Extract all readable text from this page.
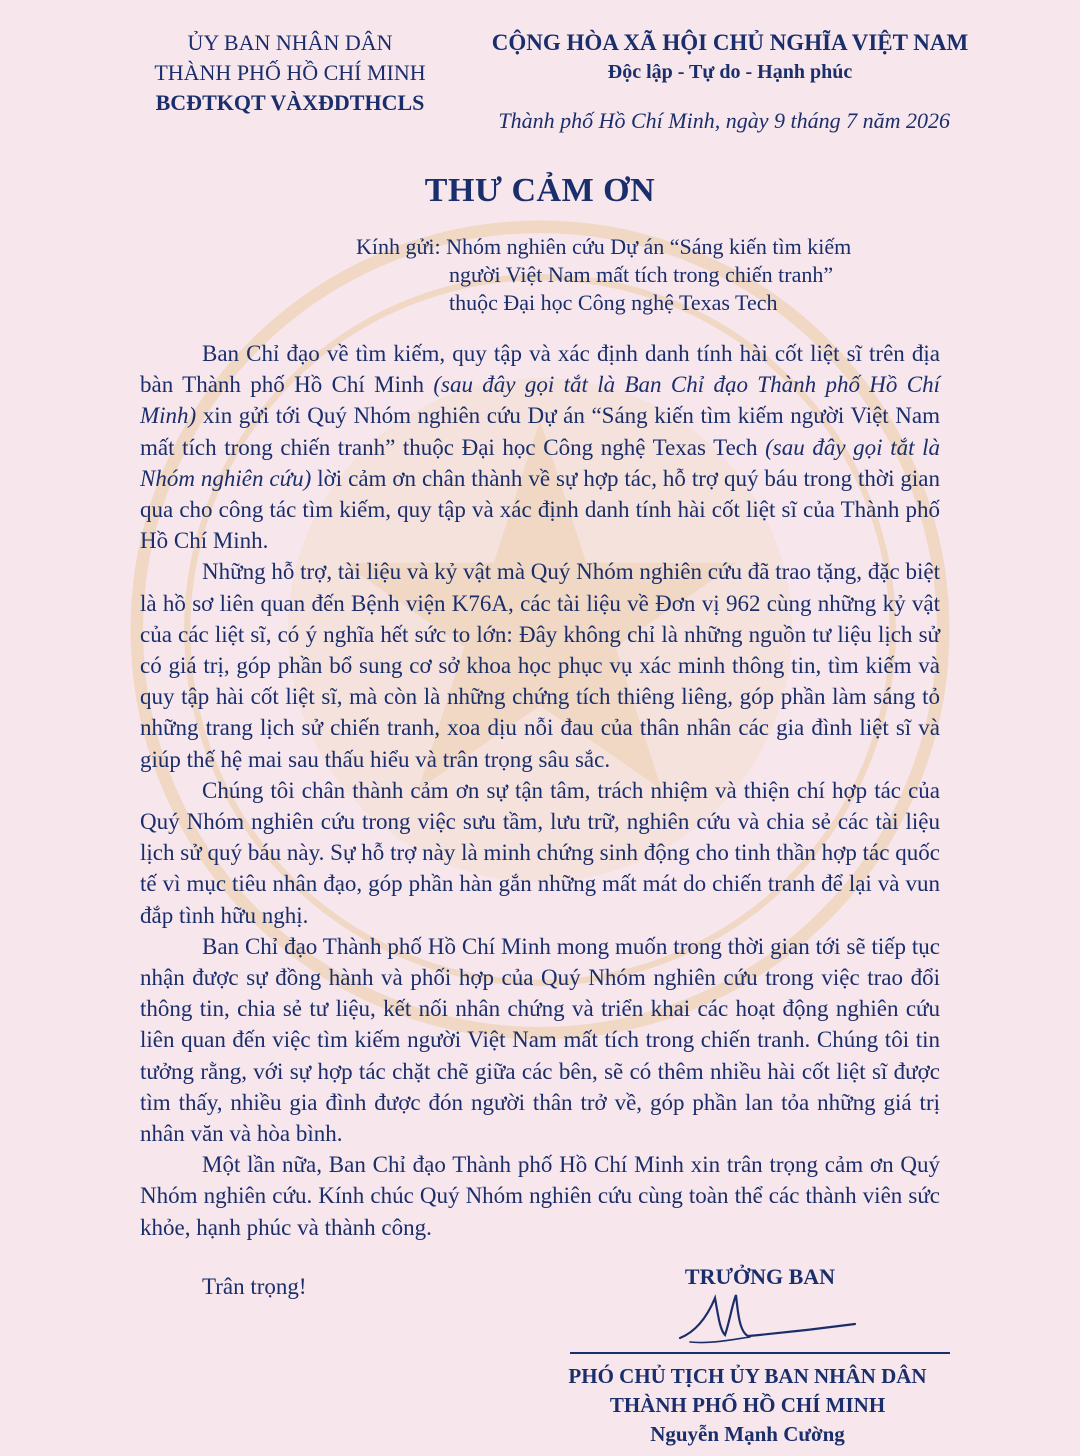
ỦY BAN NHÂN DÂN
THÀNH PHỐ HỒ CHÍ MINH
BCĐTKQT VÀXĐDTHCLS
CỘNG HÒA XÃ HỘI CHỦ NGHĨA VIỆT NAM
Độc lập - Tự do - Hạnh phúc
Thành phố Hồ Chí Minh, ngày 9 tháng 7 năm 2026
THƯ CẢM ƠN
Kính gửi: Nhóm nghiên cứu Dự án “Sáng kiến tìm kiếm
người Việt Nam mất tích trong chiến tranh”
thuộc Đại học Công nghệ Texas Tech

Ban Chỉ đạo về tìm kiếm, quy tập và xác định danh tính hài cốt liệt sĩ trên địa bàn Thành phố Hồ Chí Minh (sau đây gọi tắt là Ban Chỉ đạo Thành phố Hồ Chí Minh) xin gửi tới Quý Nhóm nghiên cứu Dự án “Sáng kiến tìm kiếm người Việt Nam mất tích trong chiến tranh” thuộc Đại học Công nghệ Texas Tech (sau đây gọi tắt là Nhóm nghiên cứu) lời cảm ơn chân thành về sự hợp tác, hỗ trợ quý báu trong thời gian qua cho công tác tìm kiếm, quy tập và xác định danh tính hài cốt liệt sĩ của Thành phố Hồ Chí Minh.

Những hỗ trợ, tài liệu và kỷ vật mà Quý Nhóm nghiên cứu đã trao tặng, đặc biệt là hồ sơ liên quan đến Bệnh viện K76A, các tài liệu về Đơn vị 962 cùng những kỷ vật của các liệt sĩ, có ý nghĩa hết sức to lớn: Đây không chỉ là những nguồn tư liệu lịch sử có giá trị, góp phần bổ sung cơ sở khoa học phục vụ xác minh thông tin, tìm kiếm và quy tập hài cốt liệt sĩ, mà còn là những chứng tích thiêng liêng, góp phần làm sáng tỏ những trang lịch sử chiến tranh, xoa dịu nỗi đau của thân nhân các gia đình liệt sĩ và giúp thế hệ mai sau thấu hiểu và trân trọng sâu sắc.

Chúng tôi chân thành cảm ơn sự tận tâm, trách nhiệm và thiện chí hợp tác của Quý Nhóm nghiên cứu trong việc sưu tầm, lưu trữ, nghiên cứu và chia sẻ các tài liệu lịch sử quý báu này. Sự hỗ trợ này là minh chứng sinh động cho tinh thần hợp tác quốc tế vì mục tiêu nhân đạo, góp phần hàn gắn những mất mát do chiến tranh để lại và vun đắp tình hữu nghị.

Ban Chỉ đạo Thành phố Hồ Chí Minh mong muốn trong thời gian tới sẽ tiếp tục nhận được sự đồng hành và phối hợp của Quý Nhóm nghiên cứu trong việc trao đổi thông tin, chia sẻ tư liệu, kết nối nhân chứng và triển khai các hoạt động nghiên cứu liên quan đến việc tìm kiếm người Việt Nam mất tích trong chiến tranh. Chúng tôi tin tưởng rằng, với sự hợp tác chặt chẽ giữa các bên, sẽ có thêm nhiều hài cốt liệt sĩ được tìm thấy, nhiều gia đình được đón người thân trở về, góp phần lan tỏa những giá trị nhân văn và hòa bình.

Một lần nữa, Ban Chỉ đạo Thành phố Hồ Chí Minh xin trân trọng cảm ơn Quý Nhóm nghiên cứu. Kính chúc Quý Nhóm nghiên cứu cùng toàn thể các thành viên sức khỏe, hạnh phúc và thành công.

Trân trọng!	TRƯỞNG BAN
PHÓ CHỦ TỊCH ỦY BAN NHÂN DÂN
THÀNH PHỐ HỒ CHÍ MINH
Nguyễn Mạnh Cường
